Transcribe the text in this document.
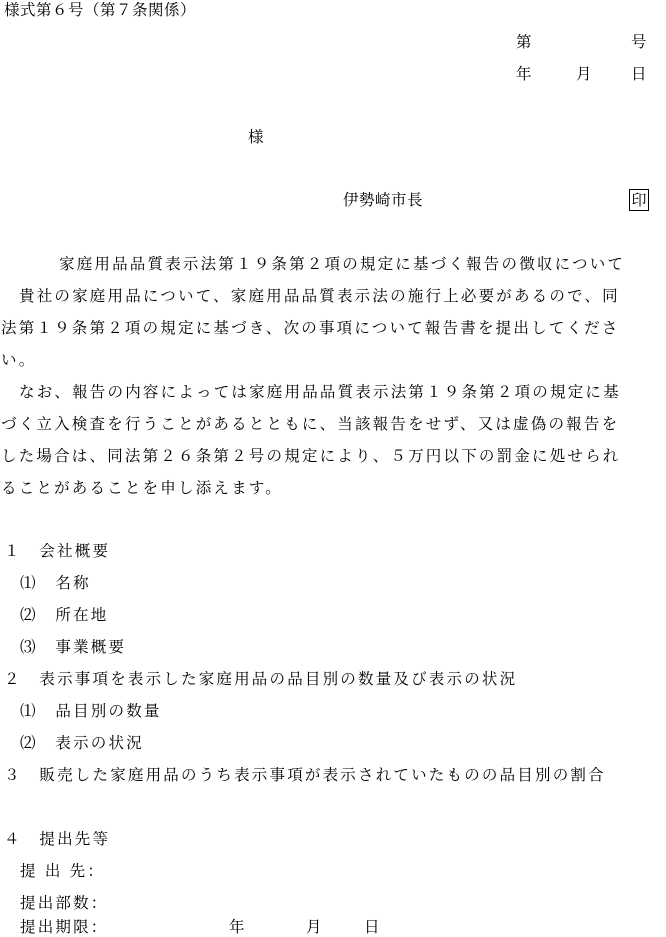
様式第６号（第７条関係）
第	号
年	月	日
様
伊勢崎市長	印
家庭用品品質表示法第１９条第２項の規定に基づく報告の徴収について
貴社の家庭用品について、家庭用品品質表示法の施行上必要があるので、同
法第１９条第２項の規定に基づき、次の事項について報告書を提出してくださ
い。
なお、報告の内容によっては家庭用品品質表示法第１９条第２項の規定に基
づく立入検査を行うことがあるとともに、当該報告をせず、又は虚偽の報告を
した場合は、同法第２６条第２号の規定により、５万円以下の罰金に処せられ
ることがあることを申し添えます。
１　会社概要
⑴　名称
⑵　所在地
⑶　事業概要
２　表示事項を表示した家庭用品の品目別の数量及び表示の状況
⑴　品目別の数量
⑵　表示の状況
３　販売した家庭用品のうち表示事項が表示されていたものの品目別の割合
４　提出先等
提 出 先：
提出部数：
提出期限：	年	月	日
